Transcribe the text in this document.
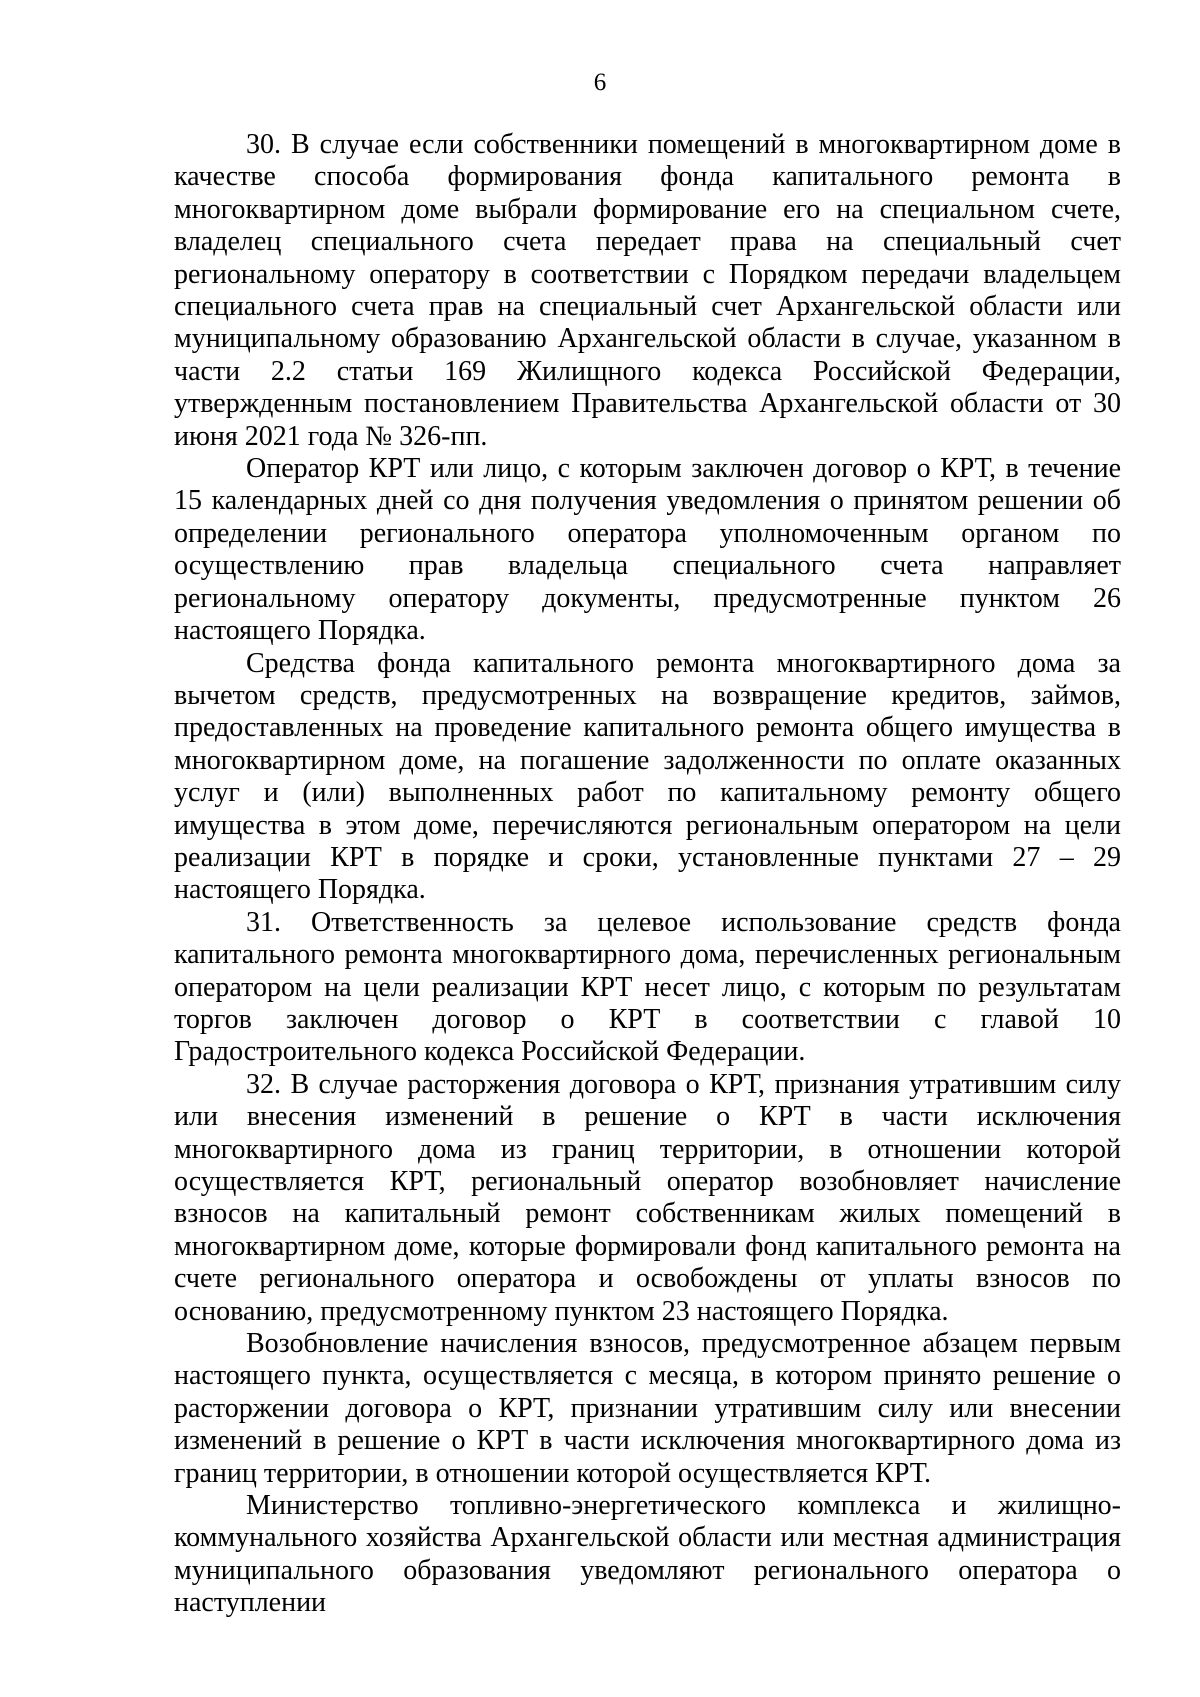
6

30. В случае если собственники помещений в многоквартирном доме в качестве способа формирования фонда капитального ремонта в многоквартирном доме выбрали формирование его на специальном счете, владелец специального счета передает права на специальный счет региональному оператору в соответствии с Порядком передачи владельцем специального счета прав на специальный счет Архангельской области или муниципальному образованию Архангельской области в случае, указанном в части 2.2 статьи 169 Жилищного кодекса Российской Федерации, утвержденным постановлением Правительства Архангельской области от 30 июня 2021 года № 326-пп.

Оператор КРТ или лицо, с которым заключен договор о КРТ, в течение 15 календарных дней со дня получения уведомления о принятом решении об определении регионального оператора уполномоченным органом по осуществлению прав владельца специального счета направляет региональному оператору документы, предусмотренные пунктом 26 настоящего Порядка.

Средства фонда капитального ремонта многоквартирного дома за вычетом средств, предусмотренных на возвращение кредитов, займов, предоставленных на проведение капитального ремонта общего имущества в многоквартирном доме, на погашение задолженности по оплате оказанных услуг и (или) выполненных работ по капитальному ремонту общего имущества в этом доме, перечисляются региональным оператором на цели реализации КРТ в порядке и сроки, установленные пунктами 27 – 29 настоящего Порядка.

31. Ответственность за целевое использование средств фонда капитального ремонта многоквартирного дома, перечисленных региональным оператором на цели реализации КРТ несет лицо, с которым по результатам торгов заключен договор о КРТ в соответствии с главой 10 Градостроительного кодекса Российской Федерации.

32. В случае расторжения договора о КРТ, признания утратившим силу или внесения изменений в решение о КРТ в части исключения многоквартирного дома из границ территории, в отношении которой осуществляется КРТ, региональный оператор возобновляет начисление взносов на капитальный ремонт собственникам жилых помещений в многоквартирном доме, которые формировали фонд капитального ремонта на счете регионального оператора и освобождены от уплаты взносов по основанию, предусмотренному пунктом 23 настоящего Порядка.

Возобновление начисления взносов, предусмотренное абзацем первым настоящего пункта, осуществляется с месяца, в котором принято решение о расторжении договора о КРТ, признании утратившим силу или внесении изменений в решение о КРТ в части исключения многоквартирного дома из границ территории, в отношении которой осуществляется КРТ.

Министерство топливно-энергетического комплекса и жилищно-коммунального хозяйства Архангельской области или местная администрация муниципального образования уведомляют регионального оператора о наступлении
